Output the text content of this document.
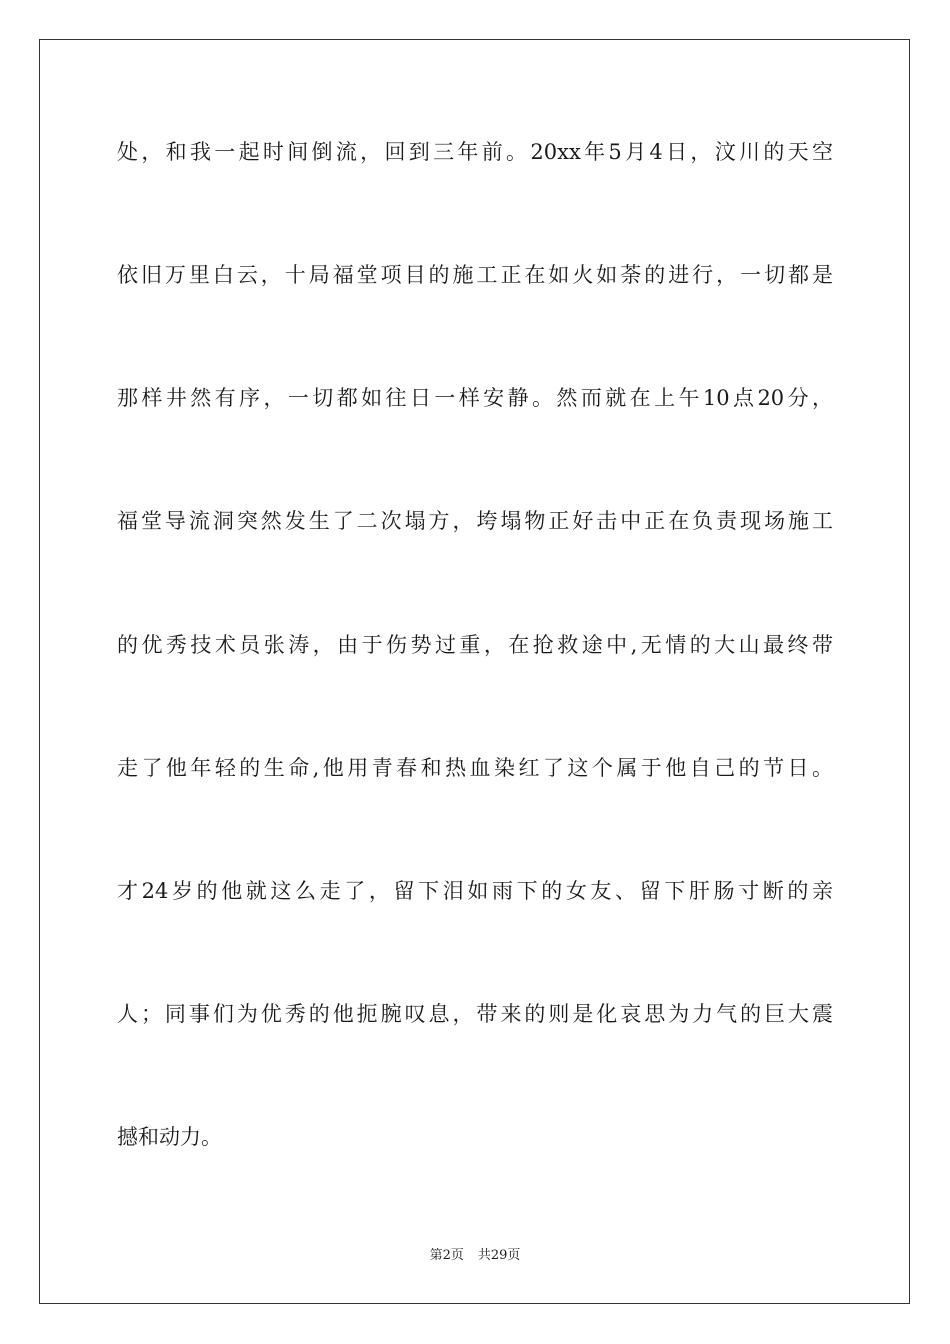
处，和我一起时间倒流，回到三年前。20xx年5月4日，汶川的天空
依旧万里白云，十局福堂项目的施工正在如火如荼的进行，一切都是
那样井然有序，一切都如往日一样安静。然而就在上午10点20分，
福堂导流洞突然发生了二次塌方，垮塌物正好击中正在负责现场施工
的优秀技术员张涛，由于伤势过重，在抢救途中,无情的大山最终带
走了他年轻的生命,他用青春和热血染红了这个属于他自己的节日。
才24岁的他就这么走了，留下泪如雨下的女友、留下肝肠寸断的亲
人；同事们为优秀的他扼腕叹息，带来的则是化哀思为力气的巨大震
撼和动力。
第2页 共29页
